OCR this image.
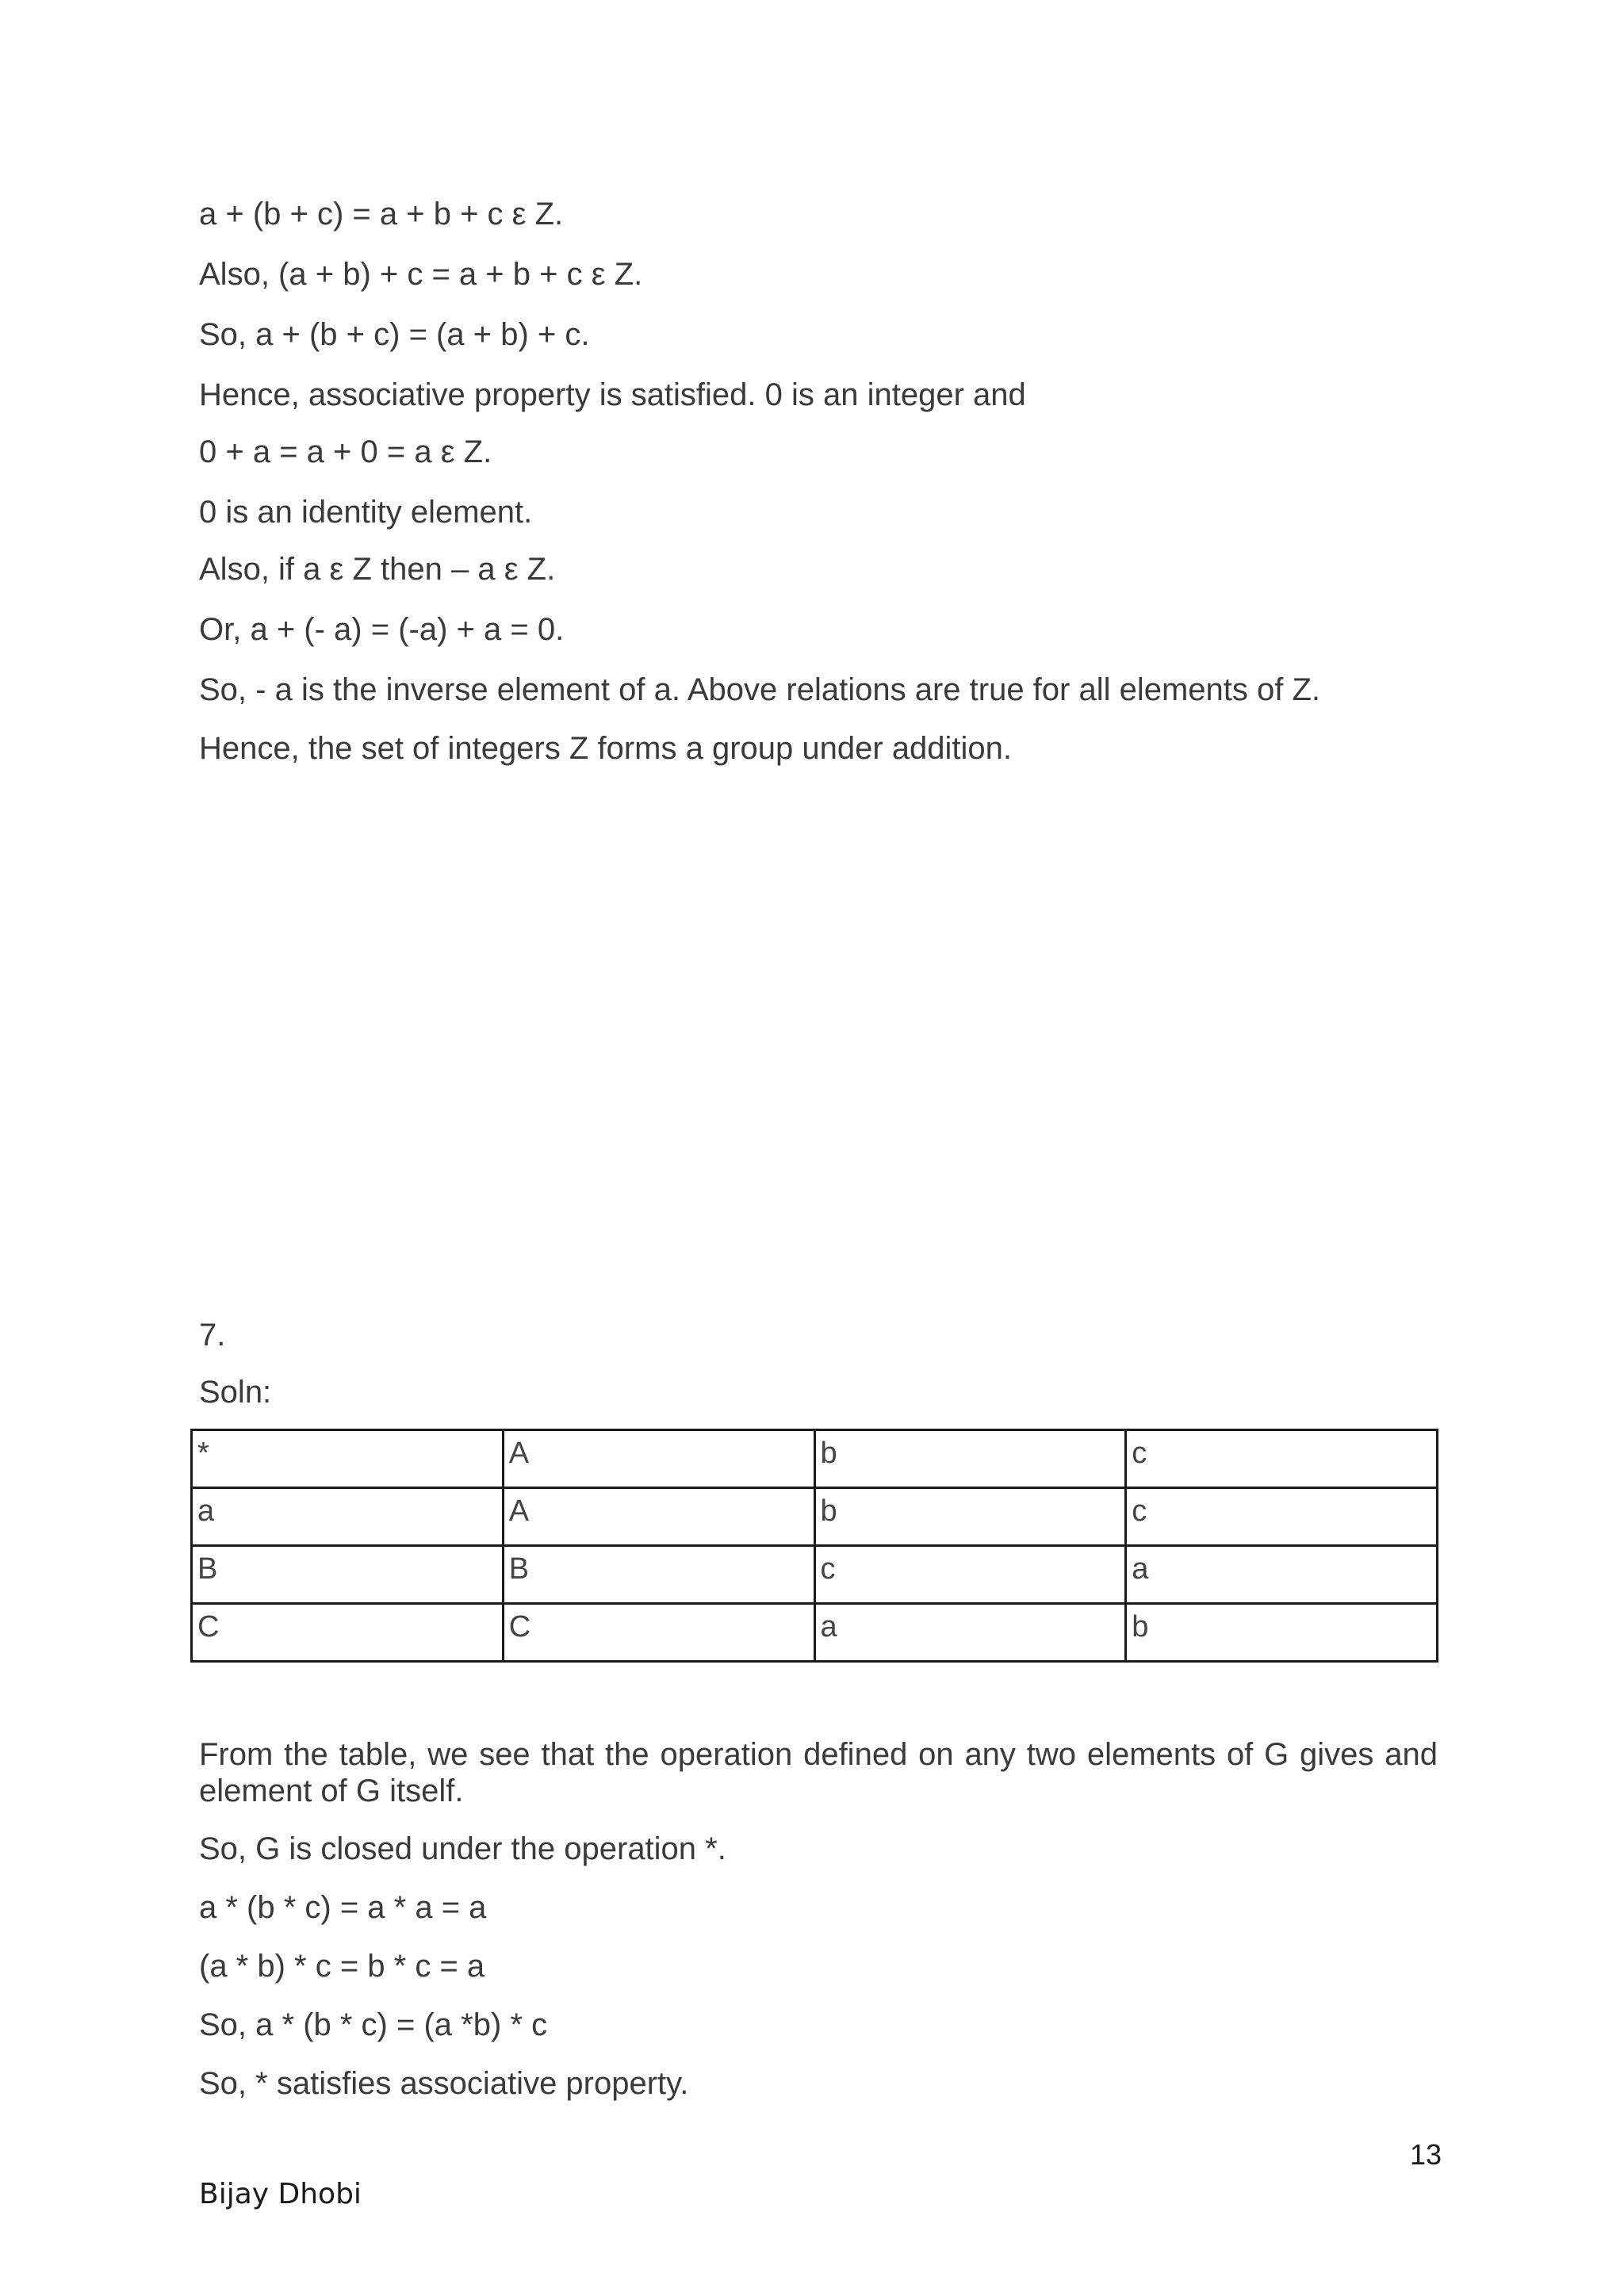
a + (b + c) = a + b + c ε Z.
Also, (a + b) + c = a + b + c ε Z.
So, a + (b + c) = (a + b) + c.
Hence, associative property is satisfied. 0 is an integer and
0 + a = a + 0 = a ε Z.
0 is an identity element.
Also, if a ε Z then – a ε Z.
Or, a + (- a) = (-a) + a = 0.
So, - a is the inverse element of a. Above relations are true for all elements of Z.
Hence, the set of integers Z forms a group under addition.
7.
Soln:
*	A	b	c
a	A	b	c
B	B	c	a
C	C	a	b
From the table, we see that the operation defined on any two elements of G gives and element of G itself.
So, G is closed under the operation *.
a * (b * c) = a * a = a
(a * b) * c = b * c = a
So, a * (b * c) = (a *b) * c
So, * satisfies associative property.
13
Bijay Dhobi
